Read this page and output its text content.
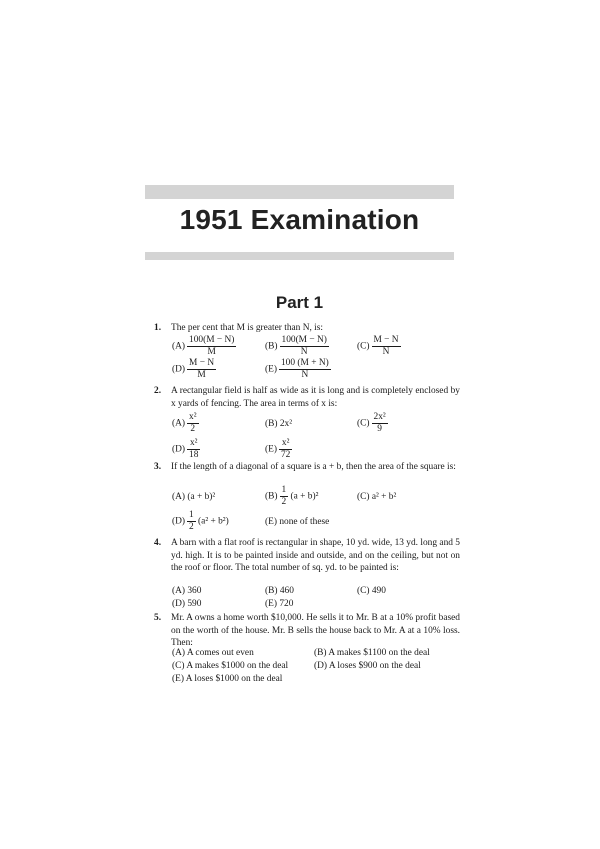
1951 Examination
Part 1
1. The per cent that M is greater than N, is:
$(A) \frac{100(M - N)}{M}$	$(B) \frac{100(M - N)}{N}$	$(C) \frac{M - N}{N}$
$(D) \frac{M - N}{M}$	$(E) \frac{100 (M + N)}{N}$
2. A rectangular field is half as wide as it is long and is completely enclosed by x yards of fencing. The area in terms of x is:
$(A) \frac{\text{x²}}{2}$	(B) 2x²	$(C) \frac{\text{2x²}}{9}$
$(D) \frac{\text{x²}}{18}$	$(E) \frac{\text{x²}}{72}$
3. If the length of a diagonal of a square is a + b, then the area of the square is:
(A) (a + b)²	$(B) \frac{1}{2} (a + b)^2$	(C) a² + b²
$(D) \frac{1}{2} (a^2 + b^2)$	(E) none of these
4. A barn with a flat roof is rectangular in shape, 10 yd. wide, 13 yd. long and 5 yd. high. It is to be painted inside and outside, and on the ceiling, but not on the roof or floor. The total number of sq. yd. to be painted is:
(A) 360	(B) 460	(C) 490
(D) 590	(E) 720
5. Mr. A owns a home worth $10,000. He sells it to Mr. B at a 10% profit based on the worth of the house. Mr. B sells the house back to Mr. A at a 10% loss. Then:
(A) A comes out even	(B) A makes $1100 on the deal
(C) A makes $1000 on the deal	(D) A loses $900 on the deal
(E) A loses $1000 on the deal
